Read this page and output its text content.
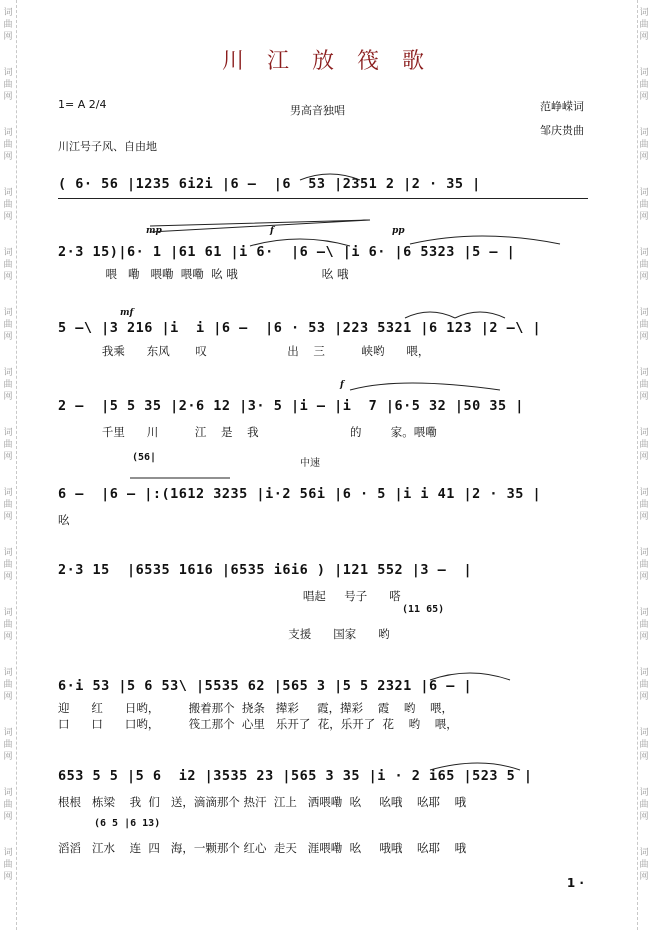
词	词
曲	曲
网	网
词	词
曲	曲
网	网
词	词
曲	曲
网	网
词	词
曲	曲
网	网
词	词
曲	曲
网	网
词	词
曲	曲
网	网
词	词
曲	曲
网	网
词	词
曲	曲
网	网
词	词
曲	曲
网	网
词	词
曲	曲
网	网
词	词
曲	曲
网	网
词	词
曲	曲
网	网
词	词
曲	曲
网	网
词	词
曲	曲
网	网
词	词
曲	曲
网	网
川 江 放 筏 歌
1= A 2/4	男高音独唱	范峥嵘词
邹庆贵曲
川江号子风、自由地
( 6· 56 |1235 6i2i |6 –  |6  53 |2351 2 |2 · 35 |
mp	f	pp
2·3 15)|6· 1 |61 61 |i 6·  |6 –\ |i 6· |6 5323 |5 – |
喂   嘞   喂嘞  喂嘞  吆 哦                       吆 哦
mf
5 –\ |3 216 |i  i |6 –  |6 · 53 |223 5321 |6 123 |2 –\ |
我乘      东风       叹                      出    三          峡哟      喂，
f
2 –  |5 5 35 |2·6 12 |3· 5 |i – |i  7 |6·5 32 |50 35 |
千里      川          江    是    我                         的        家。喂嘞
(56|
中速
6 –  |6 – |:(1612 3235 |i·2 56i |6 · 5 |i i 41 |2 · 35 |
吆
2·3 15  |6535 1616 |6535 i6i6 ) |121 552 |3 –  |
唱起     号子      嗒
(11 65)
支援      国家      哟
6·i 53 |5 6 53\ |5535 62 |565 3 |5 5 2321 |6 – |
迎      红      日哟，        搬着那个  挠条   撵彩     霞，撵彩    霞    哟    喂，
口      口      口哟，        筏工那个  心里   乐开了  花，乐开了  花    哟    喂，
653 5 5 |5 6  i2 |3535 23 |565 3 35 |i · 2 i65 |523 5 |
根根   栋梁    我  们   送，滴滴那个 热汗  江上   洒喂嘞  吆     吆哦    吆耶    哦
(6 5 |6 13)
滔滔   江水    连  四   海，一颗那个 红心  走天   涯喂嘞  吆     哦哦    吆耶    哦
1 ·
